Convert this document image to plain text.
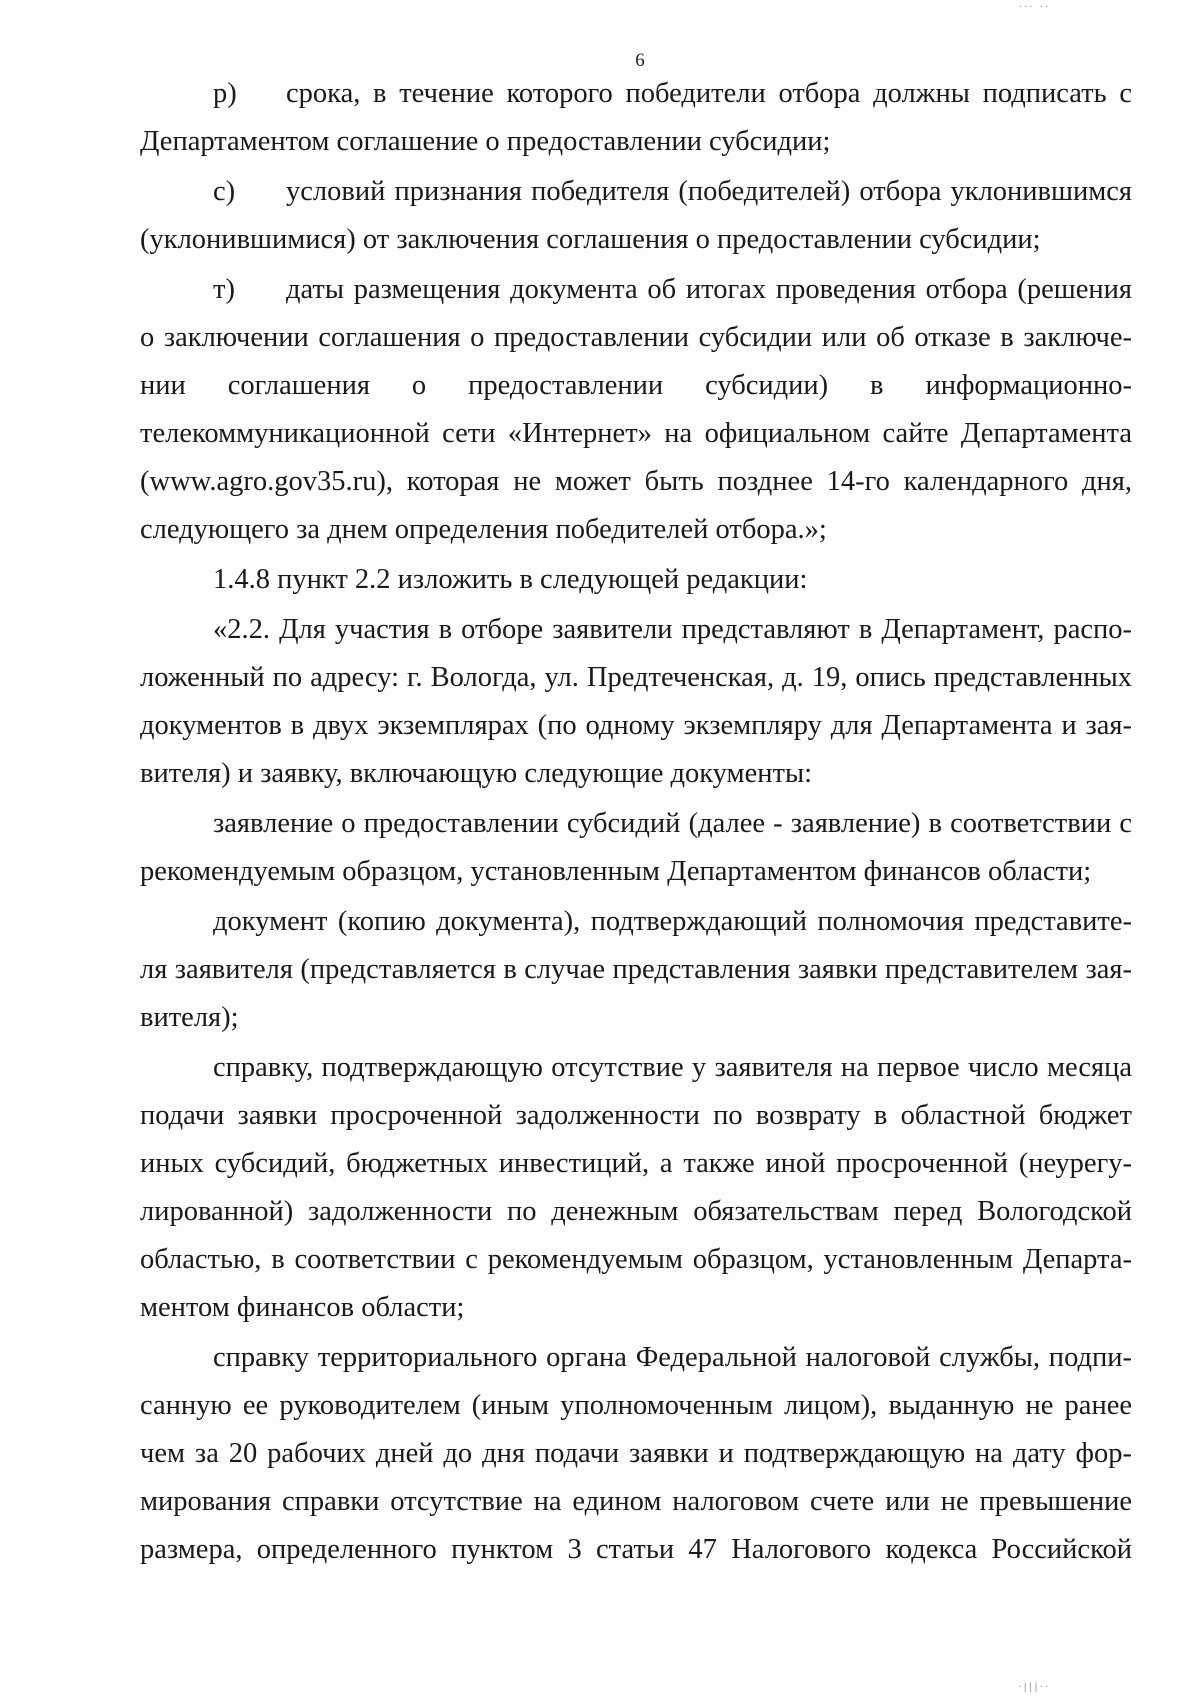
6
р)	срока, в течение которого победители отбора должны подписать с
Департаментом соглашение о предоставлении субсидии;
с)	условий признания победителя (победителей) отбора уклонившимся
(уклонившимися) от заключения соглашения о предоставлении субсидии;
т)	даты размещения документа об итогах проведения отбора (решения
о заключении соглашения о предоставлении субсидии или об отказе в заключе-
нии соглашения о предоставлении субсидии) в информационно-
телекоммуникационной сети «Интернет» на официальном сайте Департамента
(www.agro.gov35.ru), которая не может быть позднее 14-го календарного дня,
следующего за днем определения победителей отбора.»;
1.4.8 пункт 2.2 изложить в следующей редакции:
«2.2. Для участия в отборе заявители представляют в Департамент, распо-
ложенный по адресу: г. Вологда, ул. Предтеченская, д. 19, опись представленных
документов в двух экземплярах (по одному экземпляру для Департамента и зая-
вителя) и заявку, включающую следующие документы:
заявление о предоставлении субсидий (далее - заявление) в соответствии с
рекомендуемым образцом, установленным Департаментом финансов области;
документ (копию документа), подтверждающий полномочия представите-
ля заявителя (представляется в случае представления заявки представителем зая-
вителя);
справку, подтверждающую отсутствие у заявителя на первое число месяца
подачи заявки просроченной задолженности по возврату в областной бюджет
иных субсидий, бюджетных инвестиций, а также иной просроченной (неурегу-
лированной) задолженности по денежным обязательствам перед Вологодской
областью, в соответствии с рекомендуемым образцом, установленным Департа-
ментом финансов области;
справку территориального органа Федеральной налоговой службы, подпи-
санную ее руководителем (иным уполномоченным лицом), выданную не ранее
чем за 20 рабочих дней до дня подачи заявки и подтверждающую на дату фор-
мирования справки отсутствие на едином налоговом счете или не превышение
размера, определенного пунктом 3 статьи 47 Налогового кодекса Российской
··· ··
·|||··
